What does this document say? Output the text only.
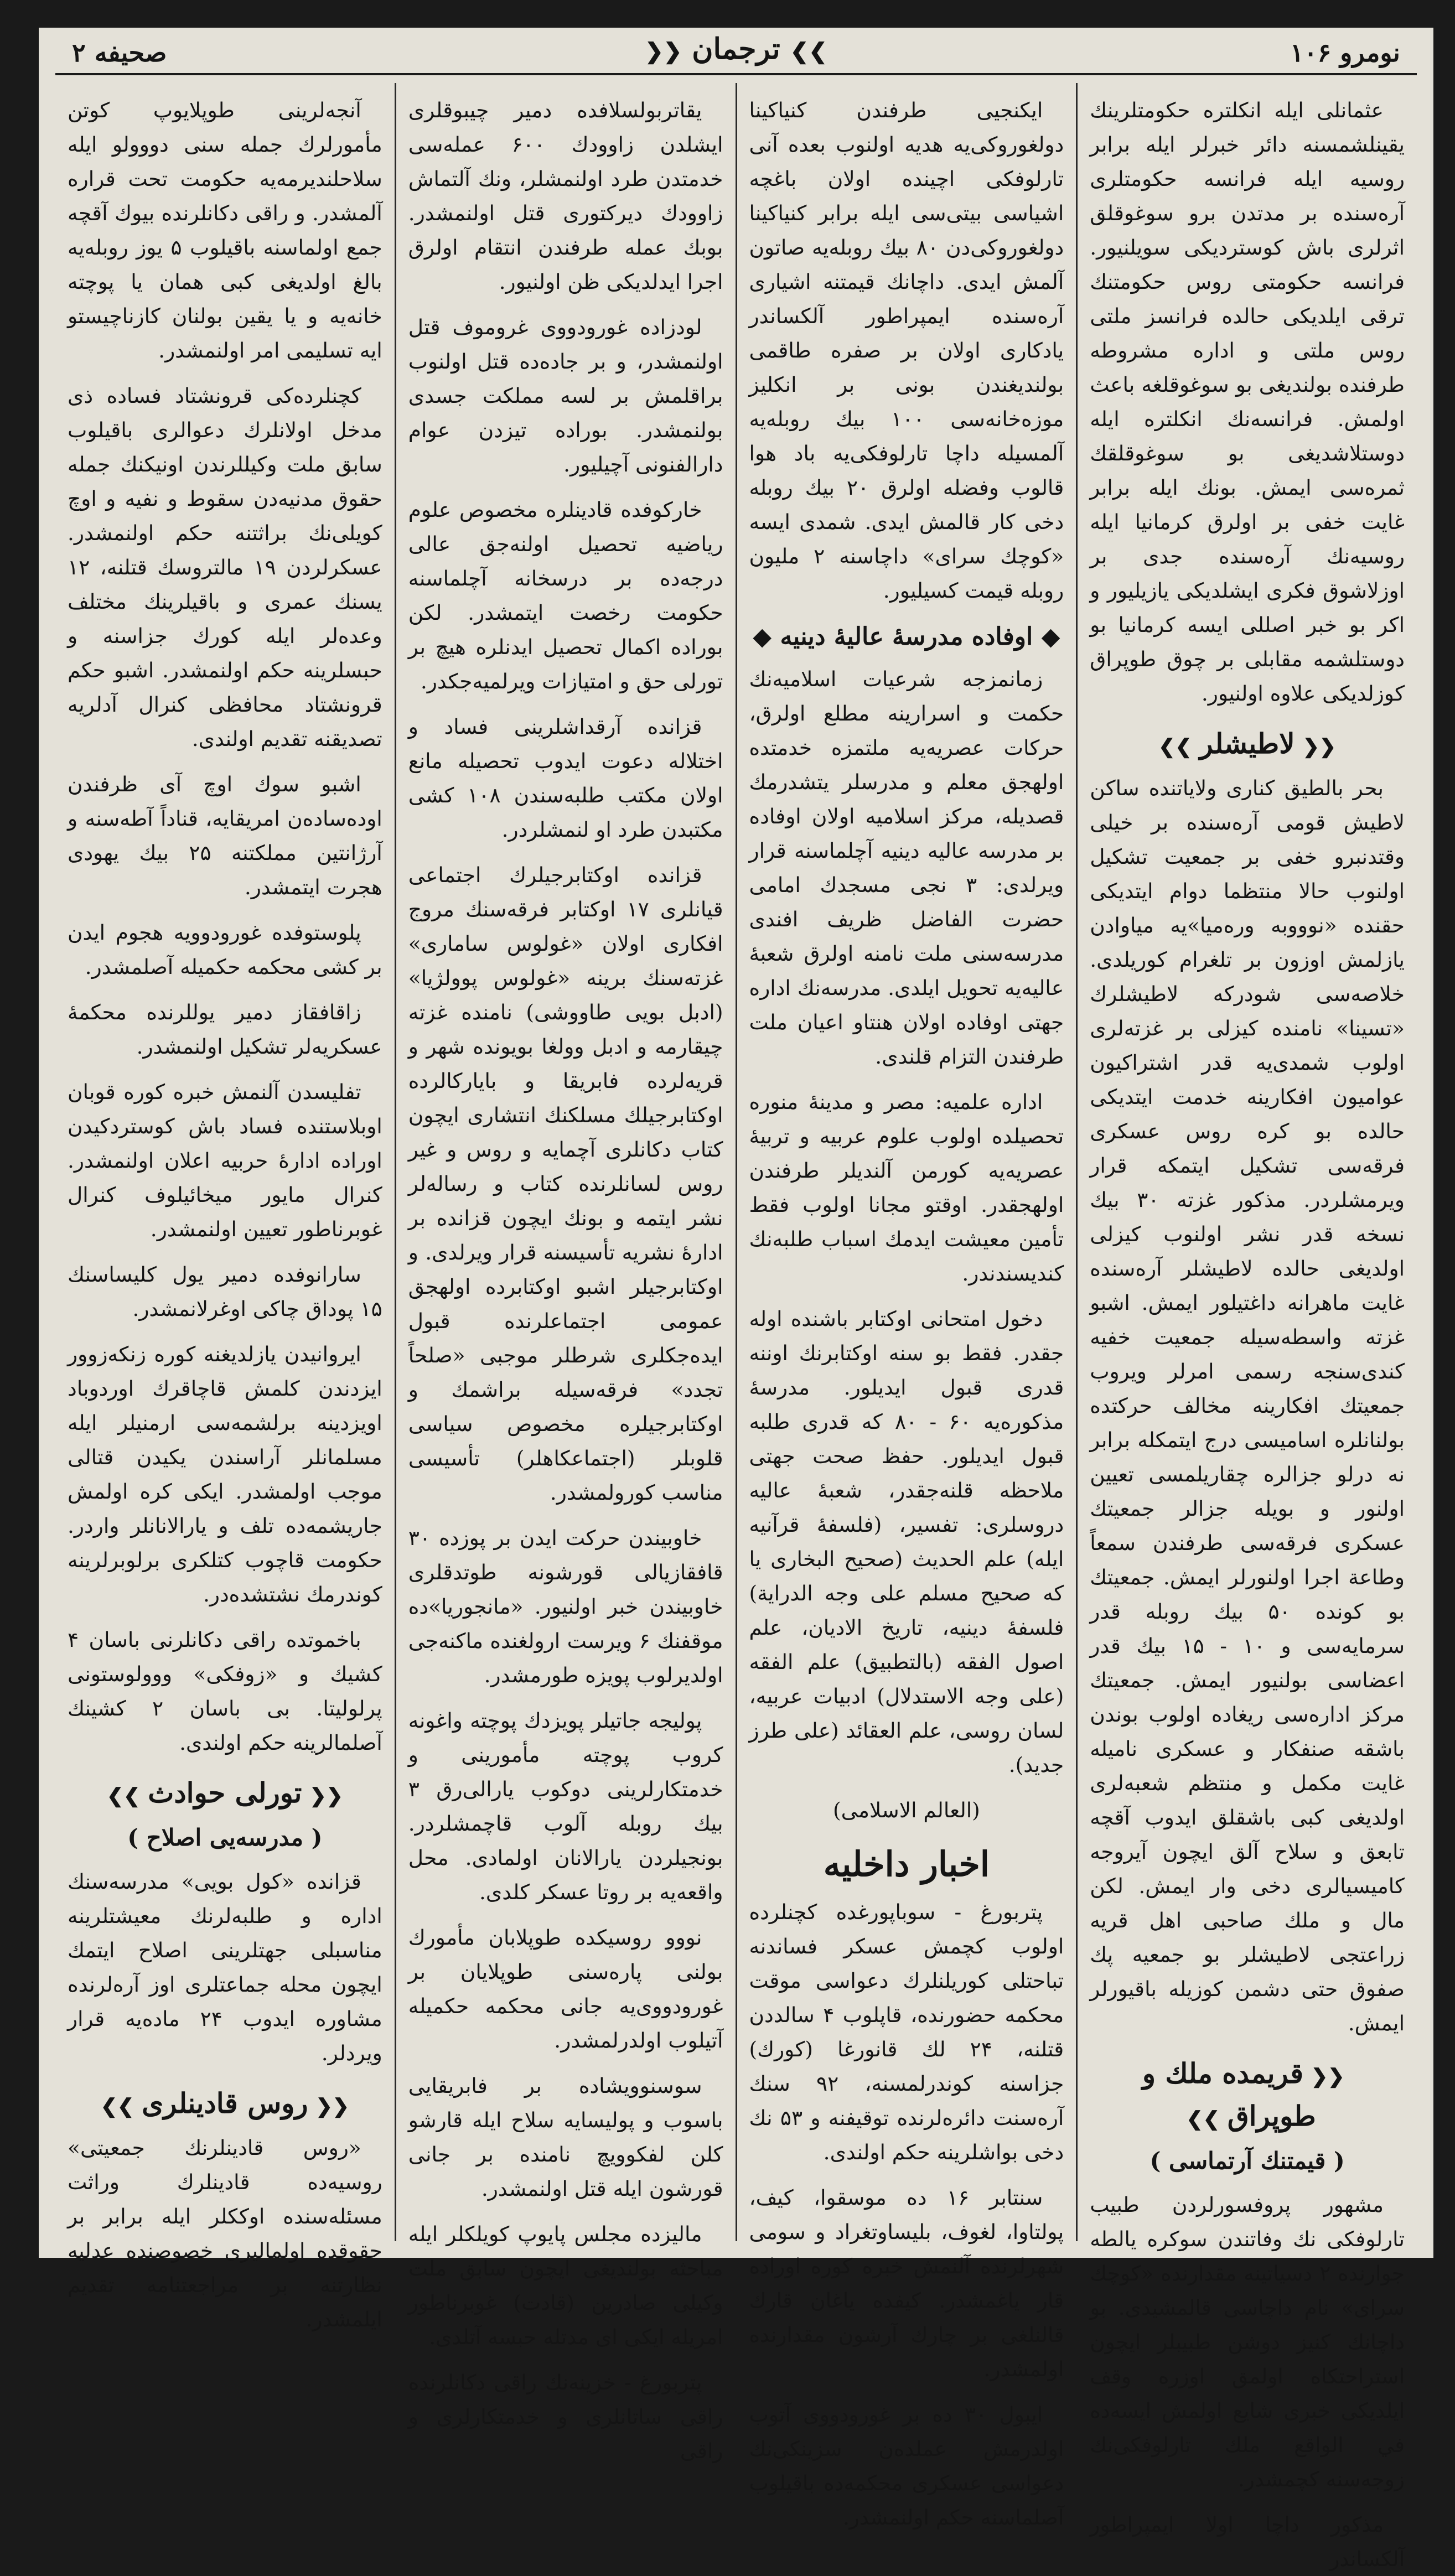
نومرو ۱۰۶
❯❯ ترجمان ❮❮
صحيفه ۲

عثمانلى ايله انكلتره حكومتلرينك يقينلشمسنه دائر خبرلر ايله برابر روسيه ايله فرانسه حكومتلرى آره‌سنده بر مدتدن برو سوغوقلق اثرلرى باش كوسترديكى سويلنيور. فرانسه حكومتى روس حكومتنك ترقى ايلديكى حالده فرانسز ملتى روس ملتى و اداره مشروطه طرفنده بولنديغى بو سوغوقلغه باعث اولمش. فرانسه‌نك انكلتره ايله دوستلاشديغى بو سوغوقلقك ثمره‌سى ايمش. بونك ايله برابر غايت خفى بر اولرق كرمانيا ايله روسيه‌نك آره‌سنده جدى بر اوزلاشوق فكرى ايشلديكى يازيليور و اكر بو خبر اصللى ايسه كرمانيا بو دوستلشمه مقابلى بر چوق طوپراق كوزلديكى علاوه اولنيور.

❮❮لاطيشلر❯❯

بحر بالطيق كنارى ولاياتنده ساكن لاطيش قومى آره‌سنده بر خيلى وقتدنبرو خفى بر جمعيت تشكيل اولنوب حالا منتظما دوام ايتديكى حقنده «نوووبه وره‌ميا»يه مياوادن يازلمش اوزون بر تلغرام كوريلدى. خلاصه‌سى شودركه لاطيشلرك «تسينا» نامنده كيزلى بر غزته‌لرى اولوب شمدى‌يه قدر اشتراكيون عواميون افكارينه خدمت ايتديكى حالده بو كره روس عسكرى فرقه‌سى تشكيل ايتمكه قرار ويرمشلردر. مذكور غزته ۳۰ بيك نسخه قدر نشر اولنوب كيزلى اولديغى حالده لاطيشلر آره‌سنده غايت ماهرانه داغتيلور ايمش. اشبو غزته واسطه‌سيله جمعيت خفيه كندى‌سنجه رسمى امرلر ويروب جمعيتك افكارينه مخالف حركتده بولنانلره اساميسى درج ايتمكله برابر نه درلو جزالره چقاريلمسى تعيين اولنور و بويله جزالر جمعيتك عسكرى فرقه‌سى طرفندن سمعاً وطاعة اجرا اولنورلر ايمش. جمعيتك بو كونده ۵۰ بيك روبله قدر سرمايه‌سى و ۱۰ - ۱۵ بيك قدر اعضاسى بولنيور ايمش. جمعيتك مركز اداره‌سى ريغاده اولوب بوندن باشقه صنفكار و عسكرى ناميله غايت مكمل و منتظم شعبه‌لرى اولديغى كبى باشقلق ايدوب آقچه تابعق و سلاح آلق ايچون آيروجه كاميسيالرى دخى وار ايمش. لكن مال و ملك صاحبى اهل قريه زراعتجى لاطيشلر بو جمعيه پك صفوق حتى دشمن كوزيله باقيورلر ايمش.

❮❮قريمده ملك و طوپراق❯❯
( قيمتنك آرتماسى )

مشهور پروفسورلردن طبيب تارلوفكى نك وفاتندن سوكره يالطه جوارنده ۲ دسياتينه مقدارنده «كوچك سراى» نام داچاسى قالمشيدى. بو داچانك كنيز دوشن طبيبلر ايچون استراحتكاه اولمق اوزره وقف ايلديكى خبرى شايع اولمش ايسه‌ده في الواقع ملك تارلوفكى‌نك زوجه‌سنه كچمشدر.

مذكور داچا اولا ايمپراطور آلكساندر

ايكنجيى طرفندن كنياكينا دولغوروكى‌يه هديه اولنوب بعده آنى تارلوفكى اچينده اولان باغچه اشياسى بيتى‌سى ايله برابر كنياكينا دولغوروكى‌دن ۸۰ بيك روبله‌يه صاتون آلمش ايدى. داچانك قيمتنه اشيارى آره‌سنده ايمپراطور آلكساندر يادكارى اولان بر صفره طاقمى بولنديغندن بونى بر انكليز موزه‌خانه‌سى ۱۰۰ بيك روبله‌يه آلمسيله داچا تارلوفكى‌يه باد هوا قالوب وفضله اولرق ۲۰ بيك روبله دخى كار قالمش ايدى. شمدى ايسه «كوچك سراى» داچاسنه ۲ مليون روبله قيمت كسيليور.

◆ اوفاده مدرسهٔ عاليهٔ دينيه ◆

زمانمزجه شرعيات اسلاميه‌نك حكمت و اسرارينه مطلع اولرق، حركات عصريه‌يه ملتمزه خدمتده اولهجق معلم و مدرسلر يتشدرمك قصديله، مركز اسلاميه اولان اوفاده بر مدرسه عاليه دينيه آچلماسنه قرار ويرلدى: ۳ نجى مسجدك امامى حضرت الفاضل ظريف افندى مدرسه‌سنى ملت نامنه اولرق شعبهٔ عاليه‌يه تحويل ايلدى. مدرسه‌نك اداره جهتى اوفاده اولان هنتاو اعيان ملت طرفندن التزام قلندى.

اداره علميه: مصر و مدينهٔ منوره تحصيلده اولوب علوم عربيه و تربيهٔ عصريه‌يه كورمن آلنديلر طرفندن اولهجقدر. اوقتو مجانا اولوب فقط تأمين معيشت ايدمك اسباب طلبه‌نك كنديسندندر.

دخول امتحانى اوكتابر باشنده اوله جقدر. فقط بو سنه اوكتابرنك اوننه قدرى قبول ايديلور. مدرسهٔ مذكوره‌يه ۶۰ - ۸۰ كه قدرى طلبه قبول ايديلور. حفظ صحت جهتى ملاحظه قلنه‌جقدر، شعبهٔ عاليه دروسلرى: تفسير، (فلسفهٔ قرآنيه ايله) علم الحديث (صحيح البخارى يا كه صحيح مسلم على وجه الدراية) فلسفهٔ دينيه، تاريخ الاديان، علم اصول الفقه (بالتطبيق) علم الفقه (على وجه الاستدلال) ادبيات عربيه، لسان روسى، علم العقائد (على طرز جديد).

(العالم الاسلامى)
اخبار داخليه

پتربورغ - سوباپورغده كچنلرده اولوب كچمش عسكر فساندنه تباحتلى كوريلنلرك دعواسى موقت محكمه حضورنده، قاپلوب ۴ سالددن قتلنه، ۲۴ لك قانورغا (كورك) جزاسنه كوندرلمسنه، ۹۲ سنك آره‌سنت دائره‌لرنده توقيفنه و ۵۳ نك دخى بواشلرينه حكم اولندى.

سنتابر ۱۶ ده موسقوا، كيف، پولتاوا، لغوف، بليساوتغراد و سومى شهرلرنده آلنمش خبره كوره اوراده قار ياغمشدر. كيفده ياغان قارك قالنلغى بر چارك آرشون مقدارنده اولمشدر.

ايبول ۳۰ ده بر غورودووى آتوب اولدرمش عملده‌ن سزينكى‌نك دعواسى عسكرى محكمه‌ده باقيلوب آصلماسنه حكم اولنمشدر.

يقاتربولسلافده دمير چيبوقلرى ايشلدن زاوودك ۶۰۰ عمله‌سى خدمتدن طرد اولنمشلر، ونك آلتماش زاوودك ديركتورى قتل اولنمشدر. بوبك عمله طرفندن انتقام اولرق اجرا ايدلديكى ظن اولنيور.

لودزاده غورودووى غروموف قتل اولنمشدر، و بر جاده‌ده قتل اولنوب براقلمش بر لسه مملكت جسدى بولنمشدر. بوراده تيزدن عوام دارالفنونى آچيليور.

خاركوفده قادينلره مخصوص علوم رياضيه تحصيل اولنه‌جق عالى درجه‌ده بر درسخانه آچلماسنه حكومت رخصت ايتمشدر. لكن بوراده اكمال تحصيل ايدنلره هيچ بر تورلى حق و امتيازات ويرلميه‌جكدر.

قزانده آرقداشلرينى فساد و اختلاله دعوت ايدوب تحصيله مانع اولان مكتب طلبه‌سندن ۱۰۸ كشى مكتبدن طرد او لنمشلردر.

قزانده اوكتابرجيلرك اجتماعى قيانلرى ۱۷ اوكتابر فرقه‌سنك مروج افكارى اولان «غولوس سامارى» غزته‌سنك برينه «غولوس پوولژيا» (ادبل بويى طاووشى) نامنده غزته چيقارمه و ادبل وولغا بويونده شهر و قريه‌لرده فابريقا و باياركالرده اوكتابرجيلك مسلكنك انتشارى ايچون كتاب دكانلرى آچمايه و روس و غير روس لسانلرنده كتاب و رساله‌لر نشر ايتمه و بونك ايچون قزانده بر ادارهٔ نشريه تأسيسنه قرار ويرلدى. و اوكتابرجيلر اشبو اوكتابرده اولهجق عمومى اجتماعلرنده قبول ايده‌جكلرى شرطلر موجبى «صلحاً تجدد» فرقه‌سيله براشمك و اوكتابرجيلره مخصوص سياسى قلوبلر (اجتماعكاهلر) تأسيسى مناسب كورولمشدر.

خاوبيندن حركت ايدن بر پوزده ۳۰ قافقازيالى قورشونه طوتدقلرى خاوبيندن خبر اولنيور. «مانجوريا»ده موقفنك ۶ ويرست ارولغنده ماكنه‌جى اولديرلوب پويزه طورمشدر.

پوليجه جاتيلر پويزدك پوچته واغونه كروب پوچته مأمورينى و خدمتكارلرينى دوكوب يارالى‌رق ۳ بيك روبله آلوب قاچمشلردر. بونجيلردن يارالانان اولمادى. محل واقعه‌يه بر روتا عسكر كلدى.

نووو روسيكده طوپلابان مأمورك بولنى پارەسنى طوپلايان بر غورودووى‌يه جانى محكمه حكميله آتيلوب اولدرلمشدر.

سوسنوويشاده بر فابريقايى باسوب و پوليسايه سلاح ايله قارشو كلن لفكوويچ نامنده بر جانى قورشون ايله قتل اولنمشدر.

ماليزده مجلس پايوپ كويلكلر ايله مباحثه بولنديغى ايچون سابق ملت وكيلى صادرين (قادت) غوبرناطور امريله ايكى اى مدتله حبسه آتلدى.

پتربورغ - خزينه‌نك راقى دكانلرنده راقى ساتانلرى و خدمتكارلرى و راقى

آنجه‌لرينى طوپلايوپ كوتن مأمورلرك جمله سنى دووولو ايله سلاحلنديرمه‌يه حكومت تحت قراره آلمشدر. و راقى دكانلرنده بيوك آقچه جمع اولماسنه باقيلوب ۵ يوز روبله‌يه بالغ اولديغى كبى همان يا پوچته خانه‌يه و يا يقين بولنان كازناچيستو ايه تسليمى امر اولنمشدر.

كچنلرده‌كى قرونشتاد فساده ذى مدخل اولانلرك دعوالرى باقيلوب سابق ملت وكيللرندن اونيكنك جمله حقوق مدنيه‌دن سقوط و نفيه و اوچ كويلى‌نك براثتنه حكم اولنمشدر. عسكرلردن ۱۹ مالتروسك قتلنه، ۱۲ يسنك عمرى و باقيلرينك مختلف وعده‌لر ايله كورك جزاسنه و حبسلرينه حكم اولنمشدر. اشبو حكم قرونشتاد محافظى كنرال آدلريه تصديقنه تقديم اولندى.

اشبو سوك اوچ آى ظرفندن اوده‌ساده‌ن امريقايه، قناداً آطه‌سنه و آرژانتين مملكتنه ۲۵ بيك يهودى هجرت ايتمشدر.

پلوستوفده غورودوويه هجوم ايدن بر كشى محكمه حكميله آصلمشدر.

زاقافقاز دمير يوللرنده محكمهٔ عسكريه‌لر تشكيل اولنمشدر.

تفليسدن آلنمش خبره كوره قوبان اوبلاستنده فساد باش كوستردكيدن اوراده ادارهٔ حربيه اعلان اولنمشدر. كنرال مايور ميخائيلوف كنرال غوبرناطور تعيين اولنمشدر.

سارانوفده دمير يول كليساسنك ۱۵ پوداق چاكى اوغرلانمشدر.

ايروانيدن يازلديغنه كوره زنكه‌زوور ايزدندن كلمش قاچاقرك اوردوباد اويزدينه برلشمه‌سى ارمنيلر ايله مسلمانلر آراسندن يكيدن قتالى موجب اولمشدر. ايكى كره اولمش جاريشمه‌ده تلف و يارالانانلر واردر. حكومت قاچوب كتلكرى برلوبرلرينه كوندرمك نشتشده‌در.

باخموتده راقى دكانلرنى باسان ۴ كشيك و «زوفكى» ووولوستونى پرلوليتا. بى باسان ۲ كشينك آصلمالرينه حكم اولندى.

❮❮تورلى حوادث❯❯
( مدرسه‌يى اصلاح )

قزانده «كول بويى» مدرسه‌سنك اداره و طلبه‌لرنك معيشتلرينه مناسبلى جهتلرينى اصلاح ايتمك ايچون محله جماعتلرى اوز آرەلرنده مشاوره ايدوب ۲۴ ماده‌يه قرار ويردلر.

❮❮روس قادينلرى❯❯

«روس قادينلرنك جمعيتى» روسيه‌ده قادينلرك وراثت مسئله‌سنده اوككلر ايله برابر بر حقوقده اولماليرى خصوصنده عدليه نظارتنه بر مراجعتنامه تقديم ايلمشدر.
